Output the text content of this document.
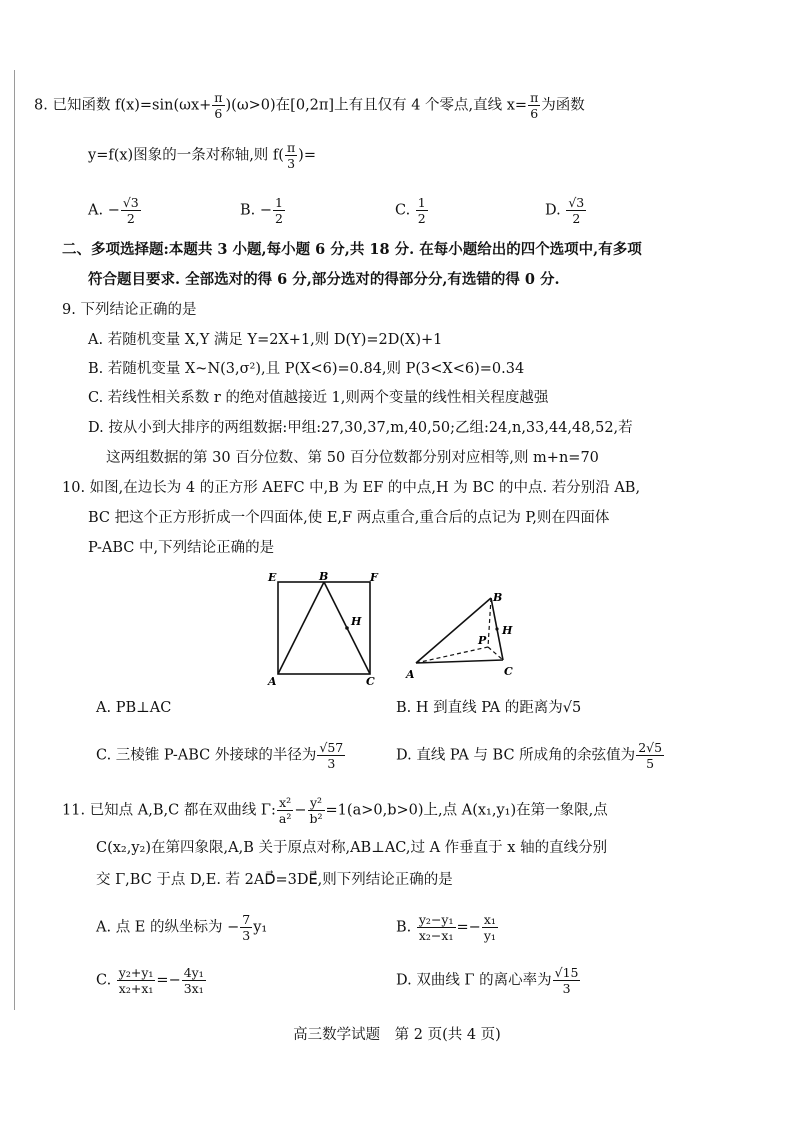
8. 已知函数 $f(x)=\sin(\omega x+ \frac{\pi}{6} )(\omega>0)$在[0,2π]上有且仅有 4 个零点,直线 $x= \frac{\pi}{6}$ 为函数
y=f(x)图象的一条对称轴,则 $f( \frac{\pi}{3}$ )=
A. − $\frac{√3}{2}$	B. − $\frac{1}{2}$	C. $\frac{1}{2}$	D. $\frac{√3}{2}$
二、多项选择题:本题共 3 小题,每小题 6 分,共 18 分. 在每小题给出的四个选项中,有多项
符合题目要求. 全部选对的得 6 分,部分选对的得部分分,有选错的得 0 分.
9. 下列结论正确的是
A. 若随机变量 X,Y 满足 Y=2X+1,则 D(Y)=2D(X)+1
B. 若随机变量 X~N(3,σ²),且 P(X<6)=0.84,则 P(3<X<6)=0.34
C. 若线性相关系数 r 的绝对值越接近 1,则两个变量的线性相关程度越强
D. 按从小到大排序的两组数据:甲组:27,30,37,m,40,50;乙组:24,n,33,44,48,52,若
这两组数据的第 30 百分位数、第 50 百分位数都分别对应相等,则 m+n=70
10. 如图,在边长为 4 的正方形 AEFC 中,B 为 EF 的中点,H 为 BC 的中点. 若分别沿 AB,
BC 把这个正方形折成一个四面体,使 E,F 两点重合,重合后的点记为 P,则在四面体
P-ABC 中,下列结论正确的是
E	B	F
H
A	C
B
P
H
A	C
A. PB⊥AC	B. H 到直线 PA 的距离为√5
C. 三棱锥 P-ABC 外接球的半径为 $\frac{√57}{3}$	D. 直线 PA 与 BC 所成角的余弦值为 $\frac{2√5}{5}$
11. 已知点 A,B,C 都在双曲线 Γ: $\frac{\text{x²}}{\text{a²}} - \frac{\text{y²}}{\text{b²}} =1(a>0,b>0)$上,点 A(x₁,y₁)在第一象限,点
C(x₂,y₂)在第四象限,A,B 关于原点对称,AB⊥AC,过 A 作垂直于 x 轴的直线分别
交 Γ,BC 于点 D,E. 若 2AD⃗=3DE⃗,则下列结论正确的是
A. 点 E 的纵坐标为 − $\frac{7}{3} y_1$	B. $\frac{\text{y₂−y₁}}{\text{x₂−x₁}} =- \frac{\text{x₁}}{\text{y₁}}$
C. $\frac{\text{y₂+y₁}}{\text{x₂+x₁}} =- \frac{\text{4y₁}}{\text{3x₁}}$	D. 双曲线 Γ 的离心率为 $\frac{√15}{3}$
高三数学试题　第 2 页(共 4 页)
